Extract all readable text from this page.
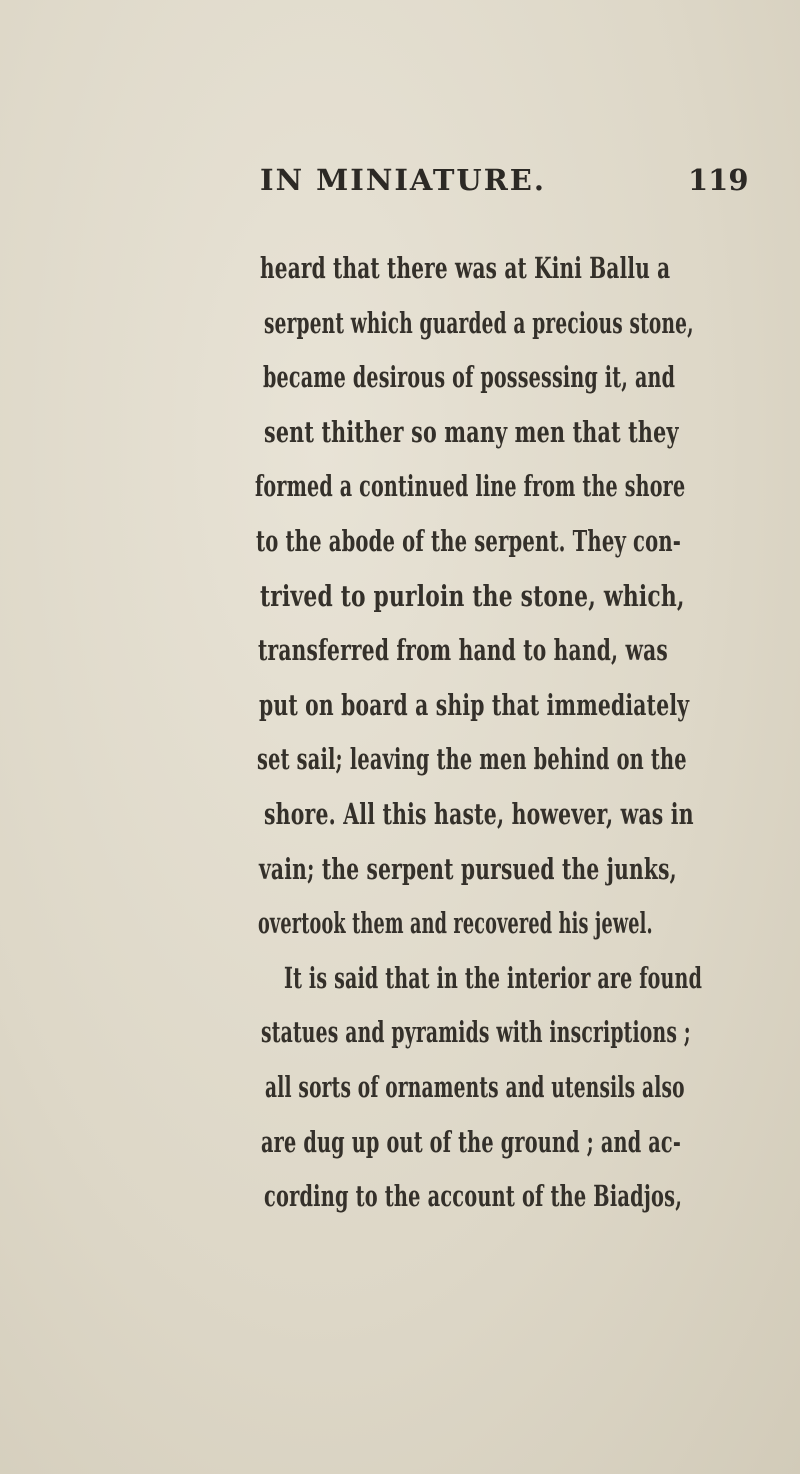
IN MINIATURE.	119
heard that there was at Kini Ballu a
serpent which guarded a precious stone,
became desirous of possessing it, and
sent thither so many men that they
formed a continued line from the shore
to the abode of the serpent. They con-
trived to purloin the stone, which,
transferred from hand to hand, was
put on board a ship that immediately
set sail; leaving the men behind on the
shore. All this haste, however, was in
vain; the serpent pursued the junks,
overtook them and recovered his jewel.
It is said that in the interior are found
statues and pyramids with inscriptions ;
all sorts of ornaments and utensils also
are dug up out of the ground ; and ac-
cording to the account of the Biadjos,
